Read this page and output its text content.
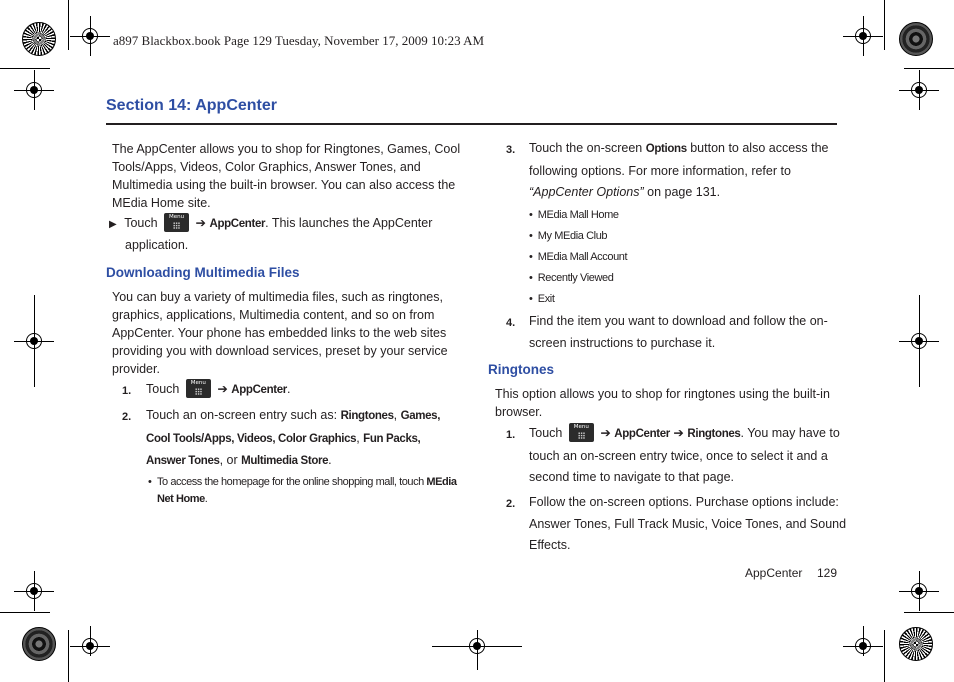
a897 Blackbox.book Page 129 Tuesday, November 17, 2009 10:23 AM
Section 14: AppCenter
The AppCenter allows you to shop for Ringtones, Games, Cool
Tools/Apps, Videos, Color Graphics, Answer Tones, and
Multimedia using the built-in browser. You can also access the
MEdia Home site.
▶ Touch	Menu ➔ AppCenter. This launches the AppCenter
application.
Downloading Multimedia Files
You can buy a variety of multimedia files, such as ringtones,
graphics, applications, Multimedia content, and so on from
AppCenter. Your phone has embedded links to the web sites
providing you with download services, preset by your service
provider.
1. Touch	Menu ➔ AppCenter.
2. Touch an on-screen entry such as: Ringtones, Games,
Cool Tools/Apps, Videos, Color Graphics, Fun Packs,
Answer Tones, or Multimedia Store.
• To access the homepage for the online shopping mall, touch MEdia
Net Home.
3. Touch the on-screen Options button to also access the
following options. For more information, refer to
“AppCenter Options” on page 131.
• MEdia Mall Home
• My MEdia Club
• MEdia Mall Account
• Recently Viewed
• Exit
4. Find the item you want to download and follow the on-
screen instructions to purchase it.
Ringtones
This option allows you to shop for ringtones using the built-in
browser.
1. Touch	Menu ➔ AppCenter ➔ Ringtones. You may have to
touch an on-screen entry twice, once to select it and a
second time to navigate to that page.
2. Follow the on-screen options. Purchase options include:
Answer Tones, Full Track Music, Voice Tones, and Sound
Effects.
AppCenter 129
